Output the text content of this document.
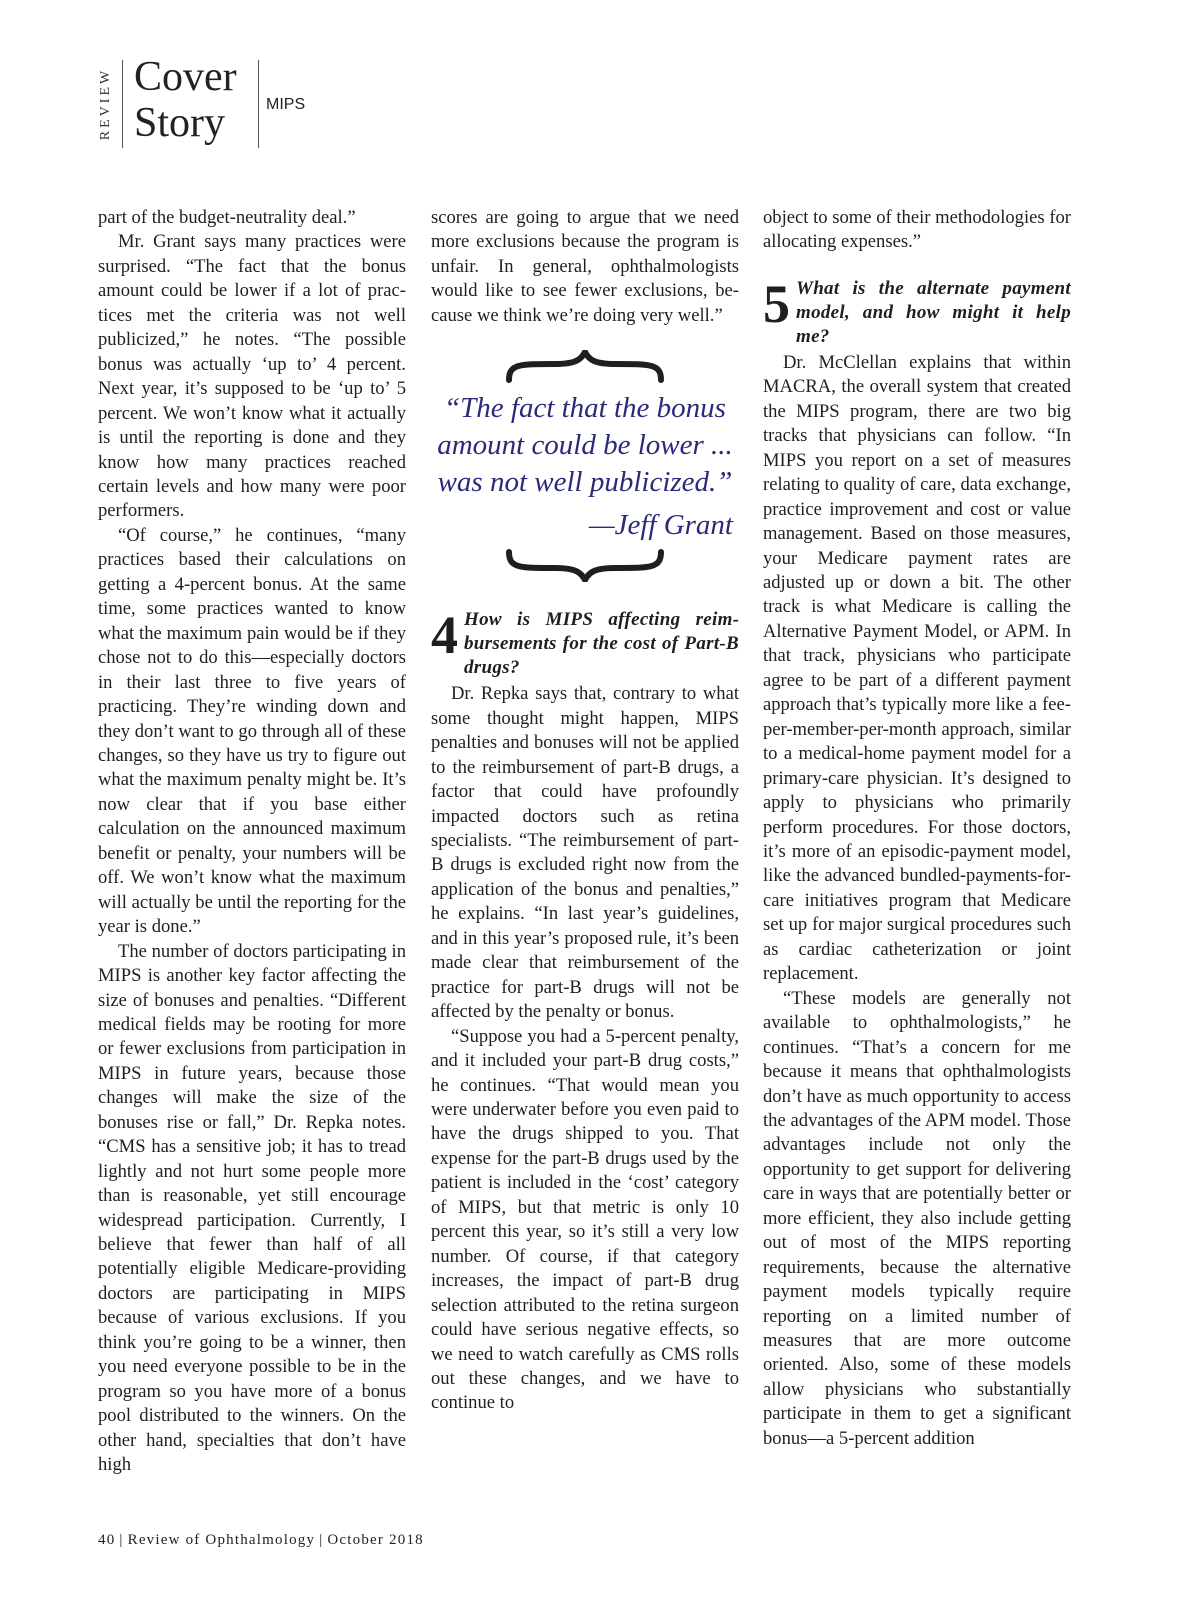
REVIEW Cover
Story	MIPS

part of the budget-neutrality deal.”

Mr. Grant says many practices were surprised. “The fact that the bonus amount could be lower if a lot of practices met the criteria was not well publicized,” he notes. “The possible bonus was actually ‘up to’ 4 percent. Next year, it’s supposed to be ‘up to’ 5 percent. We won’t know what it actually is until the reporting is done and they know how many practices reached certain levels and how many were poor performers.

“Of course,” he continues, “many practices based their calculations on getting a 4-percent bonus. At the same time, some practices wanted to know what the maximum pain would be if they chose not to do this—especially doctors in their last three to five years of practicing. They’re winding down and they don’t want to go through all of these changes, so they have us try to figure out what the maximum penalty might be. It’s now clear that if you base either calculation on the announced maximum benefit or penalty, your numbers will be off. We won’t know what the maximum will actually be until the reporting for the year is done.”

The number of doctors participating in MIPS is another key factor affecting the size of bonuses and penalties. “Different medical fields may be rooting for more or fewer exclusions from participation in MIPS in future years, because those changes will make the size of the bonuses rise or fall,” Dr. Repka notes. “CMS has a sensitive job; it has to tread lightly and not hurt some people more than is reasonable, yet still encourage widespread participation. Currently, I believe that fewer than half of all potentially eligible Medicare-providing doctors are participating in MIPS because of various exclusions. If you think you’re going to be a winner, then you need everyone possible to be in the program so you have more of a bonus pool distributed to the winners. On the other hand, specialties that don’t have high

scores are going to argue that we need more exclusions because the program is unfair. In general, ophthalmologists would like to see fewer exclusions, because we think we’re doing very well.”

“The fact that the bonus amount could be lower ... was not well publicized.”
—Jeff Grant
4 How is MIPS affecting reimbursements for the cost of Part-B drugs?

Dr. Repka says that, contrary to what some thought might happen, MIPS penalties and bonuses will not be applied to the reimbursement of part-B drugs, a factor that could have profoundly impacted doctors such as retina specialists. “The reimbursement of part-B drugs is excluded right now from the application of the bonus and penalties,” he explains. “In last year’s guidelines, and in this year’s proposed rule, it’s been made clear that reimbursement of the practice for part-B drugs will not be affected by the penalty or bonus.

“Suppose you had a 5-percent penalty, and it included your part-B drug costs,” he continues. “That would mean you were underwater before you even paid to have the drugs shipped to you. That expense for the part-B drugs used by the patient is included in the ‘cost’ category of MIPS, but that metric is only 10 percent this year, so it’s still a very low number. Of course, if that category increases, the impact of part-B drug selection attributed to the retina surgeon could have serious negative effects, so we need to watch carefully as CMS rolls out these changes, and we have to continue to

object to some of their methodologies for allocating expenses.”

5 What is the alternate payment model, and how might it help me?

Dr. McClellan explains that within MACRA, the overall system that created the MIPS program, there are two big tracks that physicians can follow. “In MIPS you report on a set of measures relating to quality of care, data exchange, practice improvement and cost or value management. Based on those measures, your Medicare payment rates are adjusted up or down a bit. The other track is what Medicare is calling the Alternative Payment Model, or APM. In that track, physicians who participate agree to be part of a different payment approach that’s typically more like a fee-per-member-per-month approach, similar to a medical-home payment model for a primary-care physician. It’s designed to apply to physicians who primarily perform procedures. For those doctors, it’s more of an episodic-payment model, like the advanced bundled-payments-for-care initiatives program that Medicare set up for major surgical procedures such as cardiac catheterization or joint replacement.

“These models are generally not available to ophthalmologists,” he continues. “That’s a concern for me because it means that ophthalmologists don’t have as much opportunity to access the advantages of the APM model. Those advantages include not only the opportunity to get support for delivering care in ways that are potentially better or more efficient, they also include getting out of most of the MIPS reporting requirements, because the alternative payment models typically require reporting on a limited number of measures that are more outcome oriented. Also, some of these models allow physicians who substantially participate in them to get a significant bonus—a 5-percent addition

40 | Review of Ophthalmology | October 2018
